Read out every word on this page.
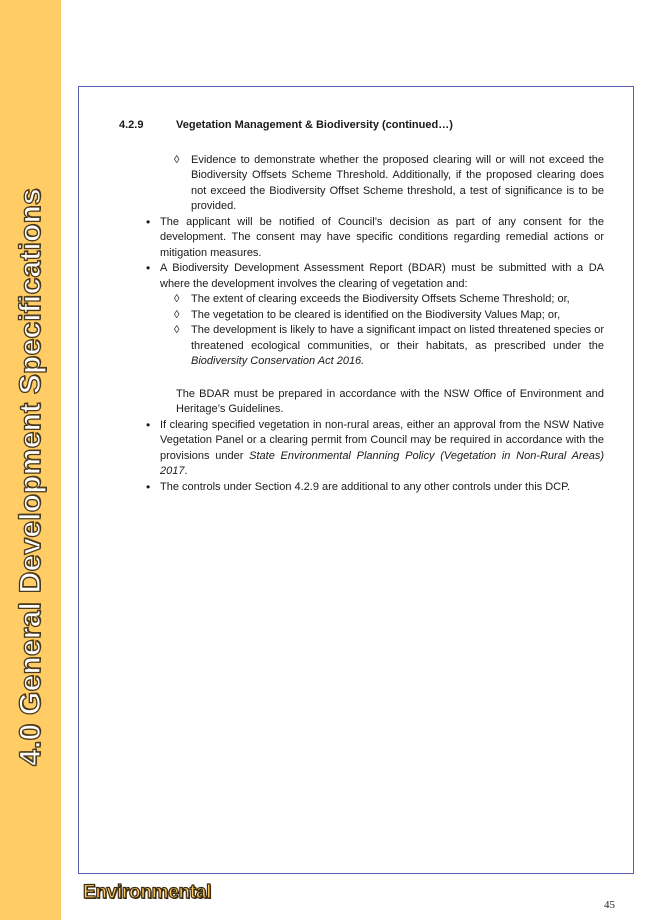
4.0 General Development Specifications
4.2.9	Vegetation Management & Biodiversity (continued…)
◊ Evidence to demonstrate whether the proposed clearing will or will not exceed the Biodiversity Offsets Scheme Threshold. Additionally, if the proposed clearing does not exceed the Biodiversity Offset Scheme threshold, a test of significance is to be provided.
• The applicant will be notified of Council’s decision as part of any consent for the development. The consent may have specific conditions regarding remedial actions or mitigation measures.
• A Biodiversity Development Assessment Report (BDAR) must be submitted with a DA where the development involves the clearing of vegetation and:
◊ The extent of clearing exceeds the Biodiversity Offsets Scheme Threshold; or,
◊ The vegetation to be cleared is identified on the Biodiversity Values Map; or,
◊ The development is likely to have a significant impact on listed threatened species or threatened ecological communities, or their habitats, as prescribed under the Biodiversity Conservation Act 2016.

The BDAR must be prepared in accordance with the NSW Office of Environment and Heritage’s Guidelines.

• If clearing specified vegetation in non-rural areas, either an approval from the NSW Native Vegetation Panel or a clearing permit from Council may be required in accordance with the provisions under State Environmental Planning Policy (Vegetation in Non-Rural Areas) 2017.
• The controls under Section 4.2.9 are additional to any other controls under this DCP.
Environmental
45
